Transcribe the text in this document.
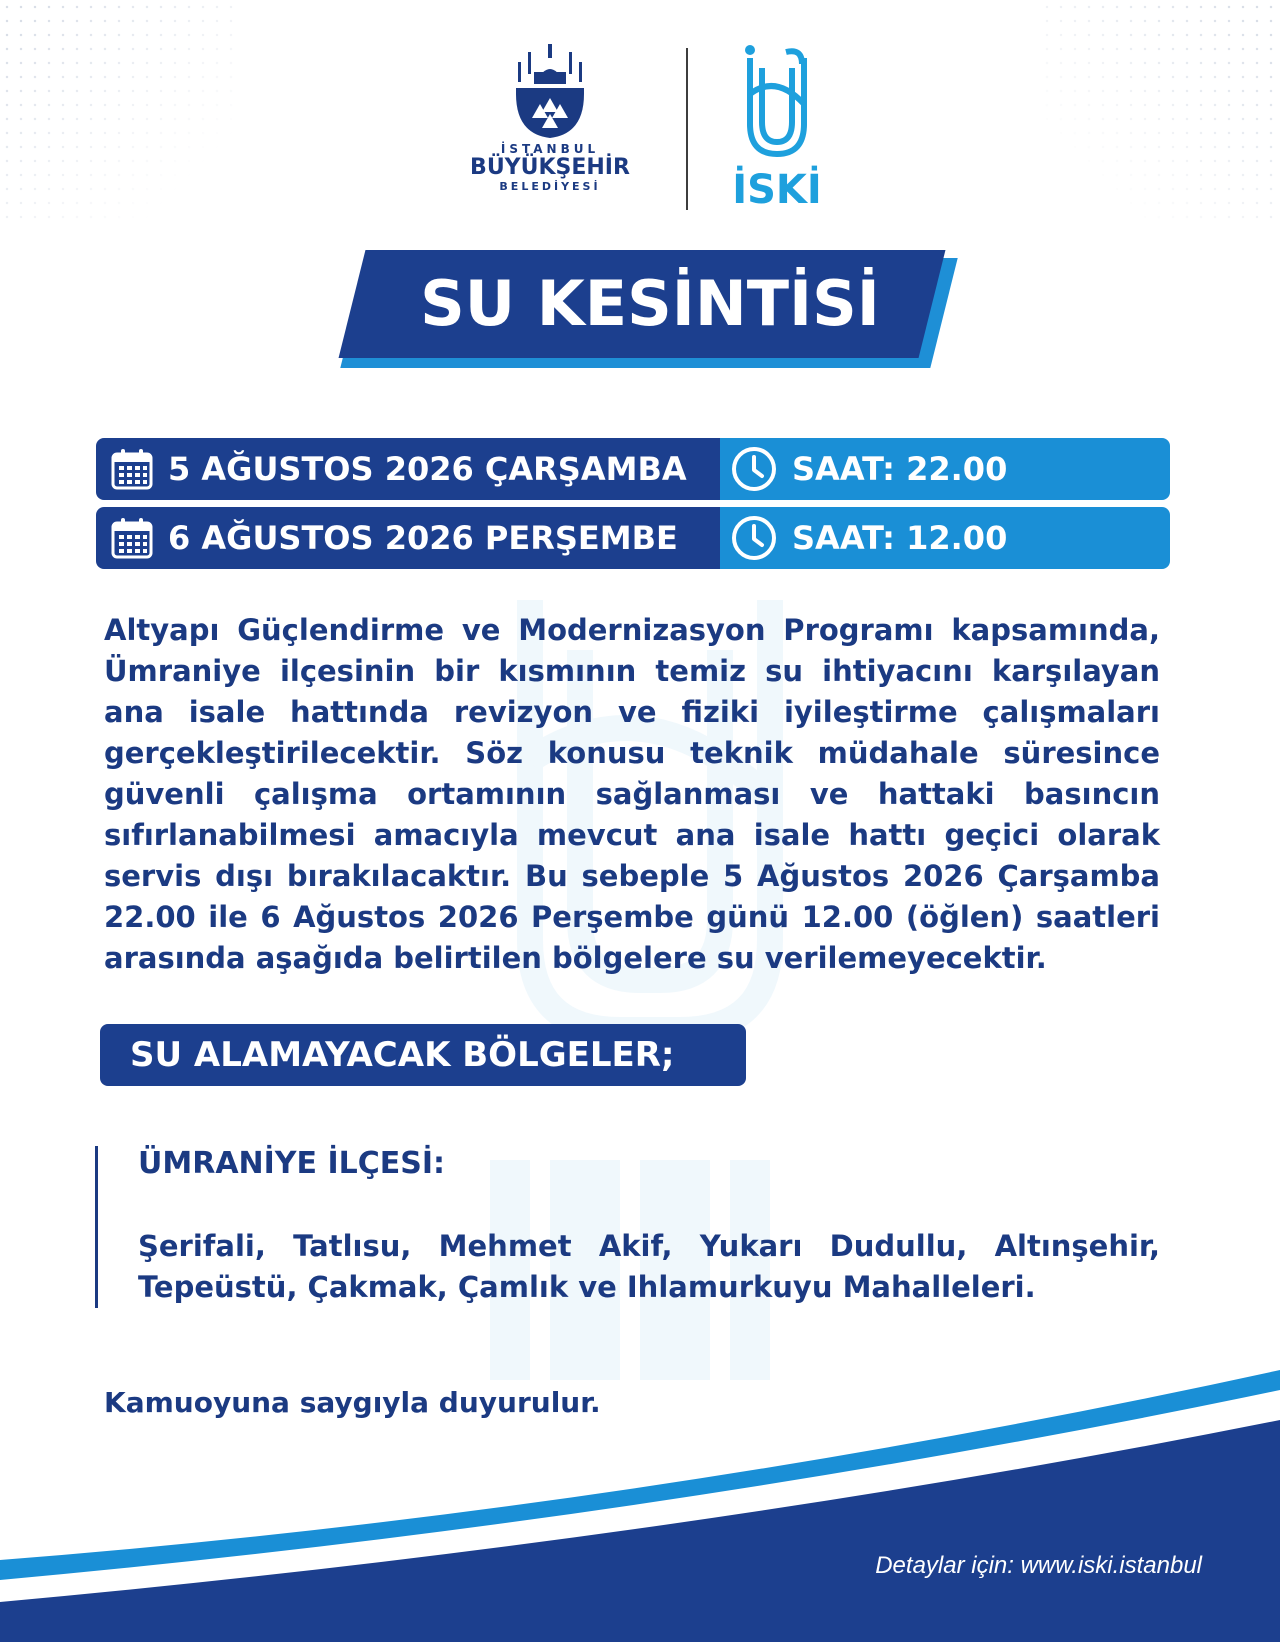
İSTANBUL
BÜYÜKŞEHİR
BELEDİYESİ	İSKİ
SU KESİNTİSİ
5 AĞUSTOS 2026 ÇARŞAMBA	SAAT: 22.00
6 AĞUSTOS 2026 PERŞEMBE	SAAT: 12.00
Altyapı Güçlendirme ve Modernizasyon Programı kapsamında, Ümraniye ilçesinin bir kısmının temiz su ihtiyacını karşılayan ana isale hattında revizyon ve fiziki iyileştirme çalışmaları gerçekleştirilecektir. Söz konusu teknik müdahale süresince güvenli çalışma ortamının sağlanması ve hattaki basıncın sıfırlanabilmesi amacıyla mevcut ana isale hattı geçici olarak servis dışı bırakılacaktır. Bu sebeple 5 Ağustos 2026 Çarşamba 22.00 ile 6 Ağustos 2026 Perşembe günü 12.00 (öğlen) saatleri arasında aşağıda belirtilen bölgelere su verilemeyecektir.
SU ALAMAYACAK BÖLGELER;
ÜMRANİYE İLÇESİ:
Şerifali, Tatlısu, Mehmet Akif, Yukarı Dudullu, Altınşehir, Tepeüstü, Çakmak, Çamlık ve Ihlamurkuyu Mahalleleri.
Kamuoyuna saygıyla duyurulur.
Detaylar için: www.iski.istanbul
